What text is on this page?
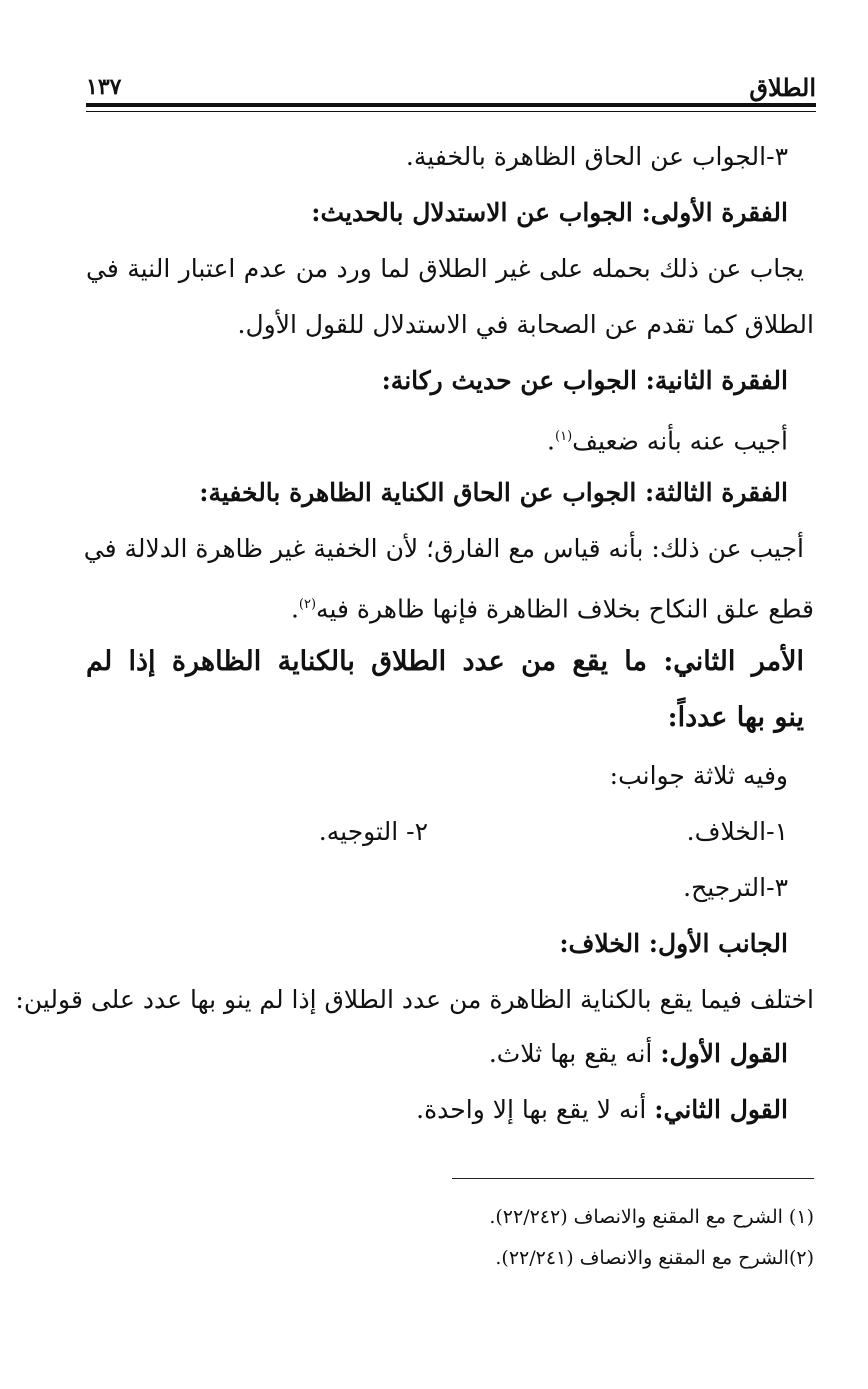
١٣٧	الطلاق
٣-الجواب عن الحاق الظاهرة بالخفية.
الفقرة الأولى: الجواب عن الاستدلال بالحديث:
يجاب عن ذلك بحمله على غير الطلاق لما ورد من عدم اعتبار النية في
الطلاق كما تقدم عن الصحابة في الاستدلال للقول الأول.
الفقرة الثانية: الجواب عن حديث ركانة:
أجيب عنه بأنه ضعيف$^{(١)}$.
الفقرة الثالثة: الجواب عن الحاق الكناية الظاهرة بالخفية:
أجيب عن ذلك: بأنه قياس مع الفارق؛ لأن الخفية غير ظاهرة الدلالة في
قطع علق النكاح بخلاف الظاهرة فإنها ظاهرة فيه$^{(٢)}$.
الأمر الثاني: ما يقع من عدد الطلاق بالكناية الظاهرة إذا لم
ينو بها عدداً:
وفيه ثلاثة جوانب:
١-الخلاف.
٢- التوجيه.
٣-الترجيح.
الجانب الأول: الخلاف:
اختلف فيما يقع بالكناية الظاهرة من عدد الطلاق إذا لم ينو بها عدد على قولين:
القول الأول: أنه يقع بها ثلاث.
القول الثاني: أنه لا يقع بها إلا واحدة.
(١) الشرح مع المقنع والانصاف (٢٢/٢٤٢).
(٢)الشرح مع المقنع والانصاف (٢٢/٢٤١).
